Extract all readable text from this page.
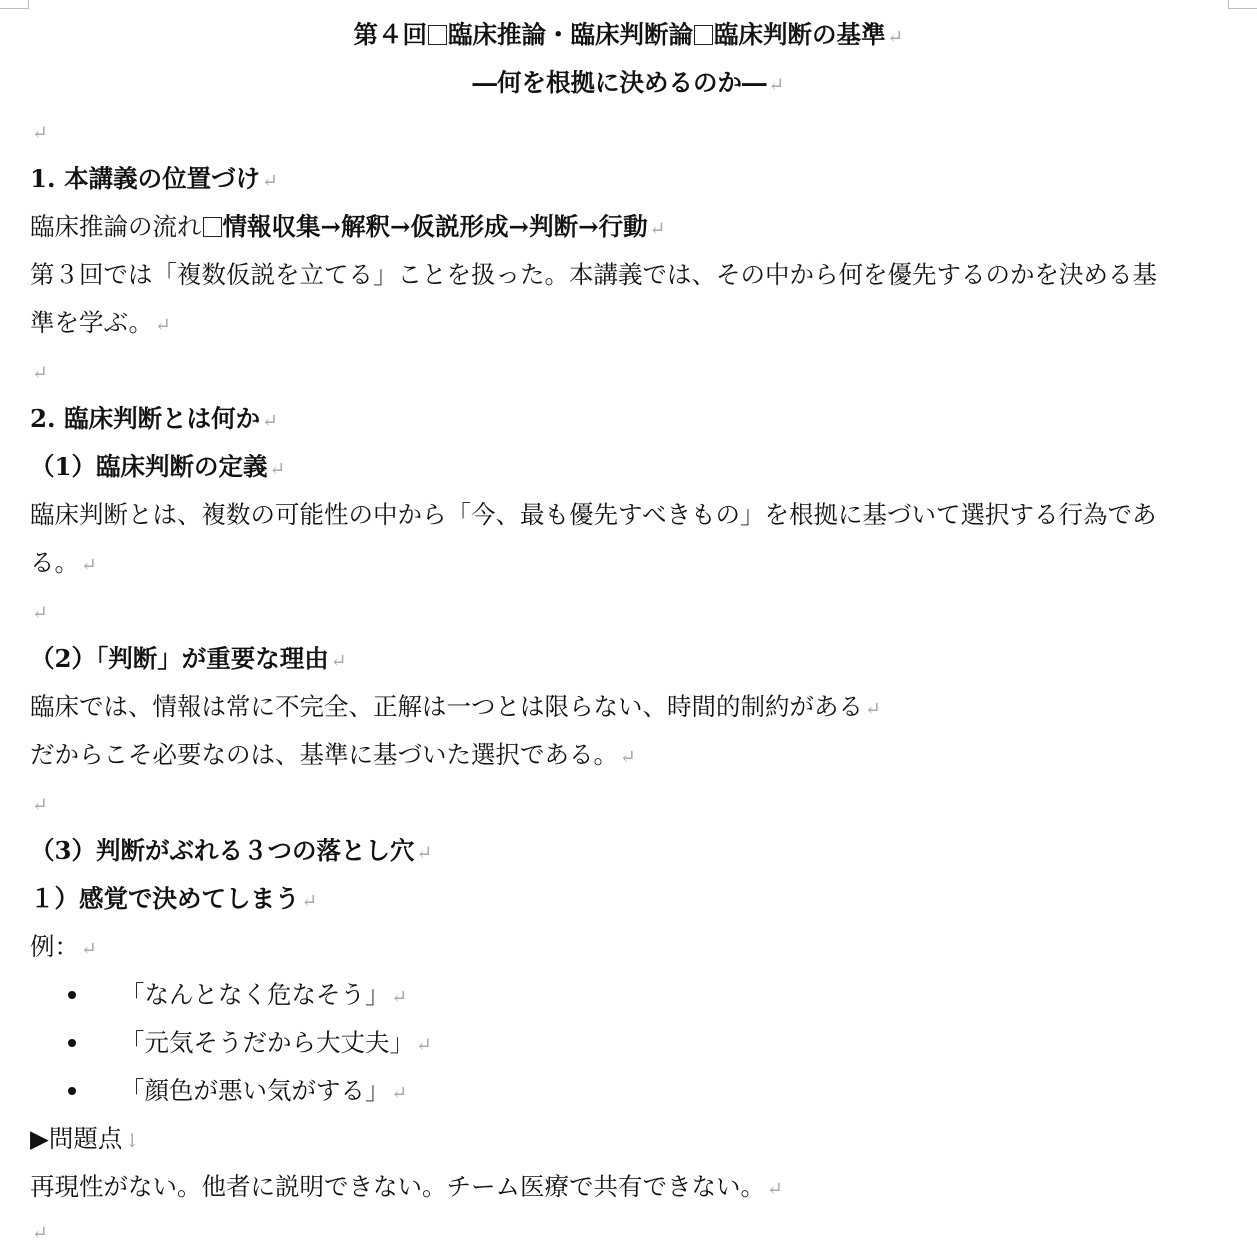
第４回 臨床推論・臨床判断論 臨床判断の基準 ↵
―何を根拠に決めるのか― ↵
↵
1. 本講義の位置づけ ↵
臨床推論の流れ 情報収集→解釈→仮説形成→判断→行動 ↵
第３回では「複数仮説を立てる」ことを扱った。本講義では、その中から何を優先するのかを決める基
準を学ぶ。 ↵
↵
2. 臨床判断とは何か ↵
（1）臨床判断の定義 ↵
臨床判断とは、複数の可能性の中から「今、最も優先すべきもの」を根拠に基づいて選択する行為であ
る。 ↵
↵
（2）「判断」が重要な理由 ↵
臨床では、情報は常に不完全、正解は一つとは限らない、時間的制約がある ↵
だからこそ必要なのは、基準に基づいた選択である。 ↵
↵
（3）判断がぶれる３つの落とし穴 ↵
１）感覚で決めてしまう ↵
例： ↵
「なんとなく危なそう」 ↵
「元気そうだから大丈夫」 ↵
「顔色が悪い気がする」 ↵
▶問題点 ↓
再現性がない。他者に説明できない。チーム医療で共有できない。 ↵
↵
